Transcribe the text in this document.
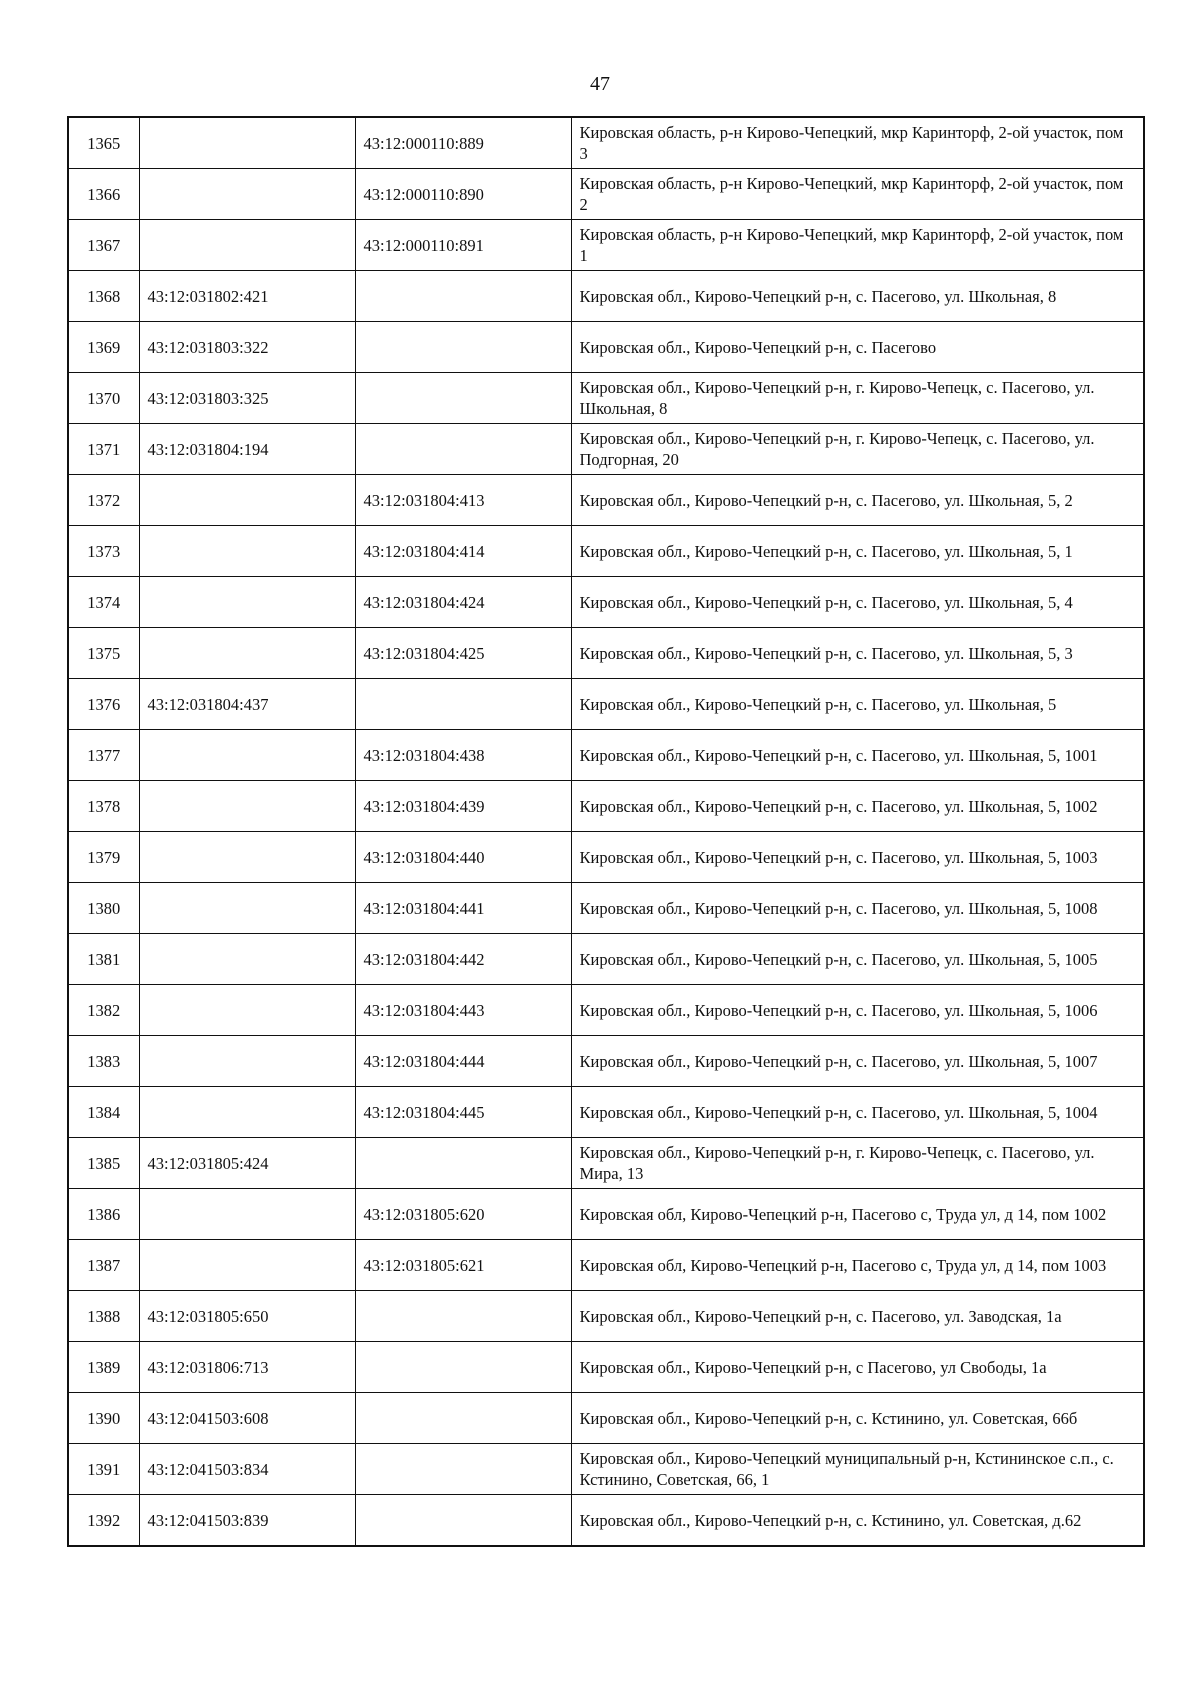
47
1365		43:12:000110:889	Кировская область, р-н Кирово-Чепецкий, мкр Каринторф, 2-ой участок, пом 3
1366		43:12:000110:890	Кировская область, р-н Кирово-Чепецкий, мкр Каринторф, 2-ой участок, пом 2
1367		43:12:000110:891	Кировская область, р-н Кирово-Чепецкий, мкр Каринторф, 2-ой участок, пом 1
1368	43:12:031802:421		Кировская обл., Кирово-Чепецкий р-н, с. Пасегово, ул. Школьная, 8
1369	43:12:031803:322		Кировская обл., Кирово-Чепецкий р-н, с. Пасегово
1370	43:12:031803:325		Кировская обл., Кирово-Чепецкий р-н, г. Кирово-Чепецк, с. Пасегово, ул. Школьная, 8
1371	43:12:031804:194		Кировская обл., Кирово-Чепецкий р-н, г. Кирово-Чепецк, с. Пасегово, ул. Подгорная, 20
1372		43:12:031804:413	Кировская обл., Кирово-Чепецкий р-н, с. Пасегово, ул. Школьная, 5, 2
1373		43:12:031804:414	Кировская обл., Кирово-Чепецкий р-н, с. Пасегово, ул. Школьная, 5, 1
1374		43:12:031804:424	Кировская обл., Кирово-Чепецкий р-н, с. Пасегово, ул. Школьная, 5, 4
1375		43:12:031804:425	Кировская обл., Кирово-Чепецкий р-н, с. Пасегово, ул. Школьная, 5, 3
1376	43:12:031804:437		Кировская обл., Кирово-Чепецкий р-н, с. Пасегово, ул. Школьная, 5
1377		43:12:031804:438	Кировская обл., Кирово-Чепецкий р-н, с. Пасегово, ул. Школьная, 5, 1001
1378		43:12:031804:439	Кировская обл., Кирово-Чепецкий р-н, с. Пасегово, ул. Школьная, 5, 1002
1379		43:12:031804:440	Кировская обл., Кирово-Чепецкий р-н, с. Пасегово, ул. Школьная, 5, 1003
1380		43:12:031804:441	Кировская обл., Кирово-Чепецкий р-н, с. Пасегово, ул. Школьная, 5, 1008
1381		43:12:031804:442	Кировская обл., Кирово-Чепецкий р-н, с. Пасегово, ул. Школьная, 5, 1005
1382		43:12:031804:443	Кировская обл., Кирово-Чепецкий р-н, с. Пасегово, ул. Школьная, 5, 1006
1383		43:12:031804:444	Кировская обл., Кирово-Чепецкий р-н, с. Пасегово, ул. Школьная, 5, 1007
1384		43:12:031804:445	Кировская обл., Кирово-Чепецкий р-н, с. Пасегово, ул. Школьная, 5, 1004
1385	43:12:031805:424		Кировская обл., Кирово-Чепецкий р-н, г. Кирово-Чепецк, с. Пасегово, ул. Мира, 13
1386		43:12:031805:620	Кировская обл, Кирово-Чепецкий р-н, Пасегово с, Труда ул, д 14, пом 1002
1387		43:12:031805:621	Кировская обл, Кирово-Чепецкий р-н, Пасегово с, Труда ул, д 14, пом 1003
1388	43:12:031805:650		Кировская обл., Кирово-Чепецкий р-н, с. Пасегово, ул. Заводская, 1а
1389	43:12:031806:713		Кировская обл., Кирово-Чепецкий р-н, с Пасегово, ул Свободы, 1а
1390	43:12:041503:608		Кировская обл., Кирово-Чепецкий р-н, с. Кстинино, ул. Советская, 66б
1391	43:12:041503:834		Кировская обл., Кирово-Чепецкий муниципальный р-н, Кстининское с.п., с. Кстинино, Советская, 66, 1
1392	43:12:041503:839		Кировская обл., Кирово-Чепецкий р-н, с. Кстинино, ул. Советская, д.62
